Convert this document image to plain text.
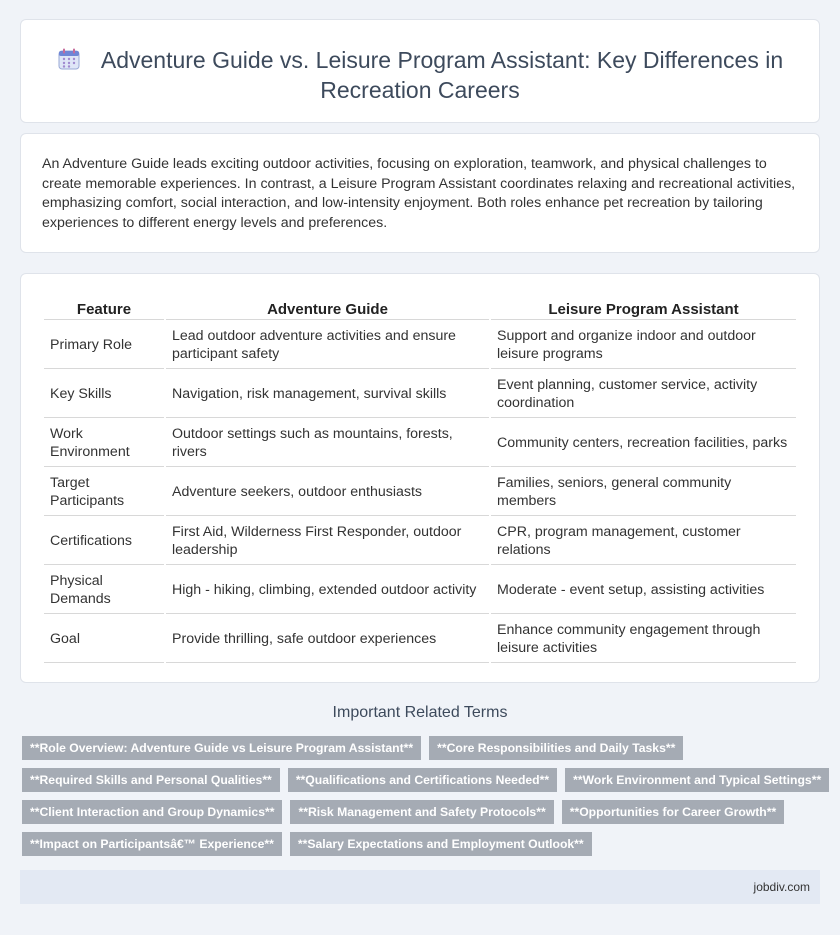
Adventure Guide vs. Leisure Program Assistant: Key Differences in Recreation Careers

An Adventure Guide leads exciting outdoor activities, focusing on exploration, teamwork, and physical challenges to create memorable experiences. In contrast, a Leisure Program Assistant coordinates relaxing and recreational activities, emphasizing comfort, social interaction, and low-intensity enjoyment. Both roles enhance pet recreation by tailoring experiences to different energy levels and preferences.

Feature	Adventure Guide	Leisure Program Assistant
Primary Role	Lead outdoor adventure activities and ensure participant safety	Support and organize indoor and outdoor leisure programs
Key Skills	Navigation, risk management, survival skills	Event planning, customer service, activity coordination
Work Environment	Outdoor settings such as mountains, forests, rivers	Community centers, recreation facilities, parks
Target Participants	Adventure seekers, outdoor enthusiasts	Families, seniors, general community members
Certifications	First Aid, Wilderness First Responder, outdoor leadership	CPR, program management, customer relations
Physical Demands	High - hiking, climbing, extended outdoor activity	Moderate - event setup, assisting activities
Goal	Provide thrilling, safe outdoor experiences	Enhance community engagement through leisure activities
Important Related Terms
**Role Overview: Adventure Guide vs Leisure Program Assistant**	**Core Responsibilities and Daily Tasks**
**Required Skills and Personal Qualities**	**Qualifications and Certifications Needed**	**Work Environment and Typical Settings**
**Client Interaction and Group Dynamics**	**Risk Management and Safety Protocols**	**Opportunities for Career Growth**
**Impact on Participantsâ€™ Experience**	**Salary Expectations and Employment Outlook**
jobdiv.com
